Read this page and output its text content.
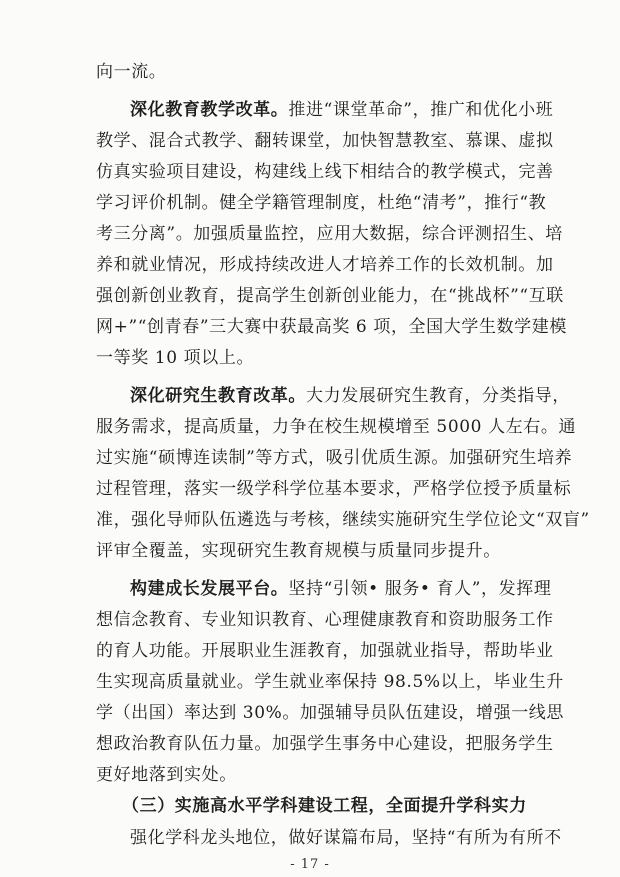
向一流。
深化教育教学改革。推进“课堂革命”，推广和优化小班
教学、混合式教学、翻转课堂，加快智慧教室、慕课、虚拟
仿真实验项目建设，构建线上线下相结合的教学模式，完善
学习评价机制。健全学籍管理制度，杜绝“清考”，推行“教
考三分离”。加强质量监控，应用大数据，综合评测招生、培
养和就业情况，形成持续改进人才培养工作的长效机制。加
强创新创业教育，提高学生创新创业能力，在“挑战杯”“互联
网+”“创青春”三大赛中获最高奖 6 项，全国大学生数学建模
一等奖 10 项以上。
深化研究生教育改革。大力发展研究生教育，分类指导，
服务需求，提高质量，力争在校生规模增至 5000 人左右。通
过实施“硕博连读制”等方式，吸引优质生源。加强研究生培养
过程管理，落实一级学科学位基本要求，严格学位授予质量标
准，强化导师队伍遴选与考核，继续实施研究生学位论文“双盲”
评审全覆盖，实现研究生教育规模与质量同步提升。
构建成长发展平台。坚持“引领• 服务• 育人”，发挥理
想信念教育、专业知识教育、心理健康教育和资助服务工作
的育人功能。开展职业生涯教育，加强就业指导，帮助毕业
生实现高质量就业。学生就业率保持 98.5%以上，毕业生升
学（出国）率达到 30%。加强辅导员队伍建设，增强一线思
想政治教育队伍力量。加强学生事务中心建设，把服务学生
更好地落到实处。
（三）实施高水平学科建设工程，全面提升学科实力
强化学科龙头地位，做好谋篇布局，坚持“有所为有所不
- 17 -
